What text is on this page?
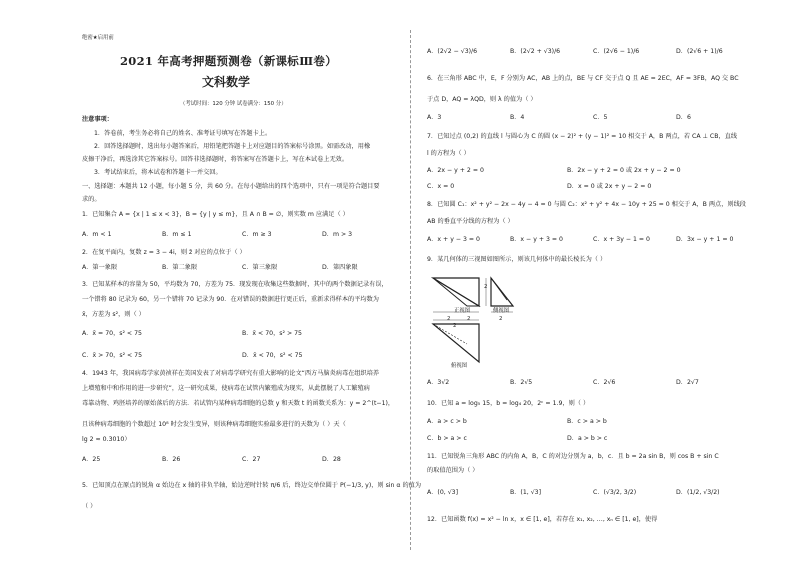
绝密★启用前
2021 年高考押题预测卷（新课标Ⅲ卷）
文科数学
（考试时间：120 分钟 试卷满分：150 分）
注意事项：
1．答卷前，考生务必将自己的姓名、准考证号填写在答题卡上。
2．回答选择题时，选出每小题答案后，用铅笔把答题卡上对应题目的答案标号涂黑。如需改动，用橡
皮擦干净后，再选涂其它答案标号。回答非选择题时，将答案写在答题卡上，写在本试卷上无效。
3．考试结束后，将本试卷和答题卡一并交回。
一、选择题：本题共 12 小题，每小题 5 分，共 60 分。在每小题给出的四个选项中，只有一项是符合题目要
求的。
1．已知集合 A = {x | 1 ≤ x < 3}，B = {y | y ≤ m}，且 A ∩ B = ∅，则实数 m 应满足（ ）
A．m < 1	B．m ≤ 1	C．m ≥ 3	D．m > 3
2．在复平面内，复数 z = 3 − 4i，则 z̄ 对应的点位于（ ）
A．第一象限	B．第二象限	C．第三象限	D．第四象限
3．已知某样本的容量为 50，平均数为 70，方差为 75．现发现在收集这些数据时，其中的两个数据记录有误，
一个错将 80 记录为 60，另一个错将 70 记录为 90．在对错误的数据进行更正后，重新求得样本的平均数为
x̄，方差为 s²，则（ ）
A．x̄ = 70，s² < 75	B．x̄ < 70，s² > 75
C．x̄ > 70，s² < 75	D．x̄ < 70，s² < 75
4．1943 年，我国病毒学家黄祯祥在美国发表了对病毒学研究有重大影响的论文“西方马脑炎病毒在组织培养
上增殖和中和作用的进一步研究”，这一研究成果，使病毒在试管内繁殖成为现实，从此摆脱了人工繁殖病
毒靠动物、鸡胚培养的原始落后的方法．若试管内某种病毒细胞的总数 y 和天数 t 的函数关系为：y = 2^(t−1)，
且该种病毒细胞的个数超过 10⁸ 时会发生变异，则该种病毒细胞实验最多进行的天数为（ ）天（
lg 2 ≈ 0.3010）
A．25	B．26	C．27	D．28
5．已知顶点在原点的锐角 α 始边在 x 轴的非负半轴，始边逆时针转 π/6 后，终边交单位圆于 P(−1/3, y)，则 sin α 的值为
（ ）
A．(2√2 − √3)/6	B．(2√2 + √3)/6	C．(2√6 − 1)/6	D．(2√6 + 1)/6
6．在三角形 ABC 中，E，F 分别为 AC，AB 上的点，BE 与 CF 交于点 Q 且 AE = 2EC，AF = 3FB，AQ 交 BC
于点 D，AQ = λQD，则 λ 的值为（ ）
A．3	B．4	C．5	D．6
7．已知过点 (0,2) 的直线 l 与圆心为 C 的圆 (x − 2)² + (y − 1)² = 10 相交于 A，B 两点，若 CA ⊥ CB，直线
l 的方程为（ ）
A．2x − y + 2 = 0	B．2x − y + 2 = 0 或 2x + y − 2 = 0
C．x = 0	D．x = 0 或 2x + y − 2 = 0
8．已知圆 C₁：x² + y² − 2x − 4y − 4 = 0 与圆 C₂：x² + y² + 4x − 10y + 25 = 0 相交于 A，B 两点，则线段
AB 的垂直平分线的方程为（ ）
A．x + y − 3 = 0	B．x − y + 3 = 0	C．x + 3y − 1 = 0	D．3x − y + 1 = 0
9．某几何体的三视图如图所示，则该几何体中的最长棱长为（ ）
2
正视图	侧视图
2	2	2
2
俯视图
A．3√2	B．2√5	C．2√6	D．2√7
10．已知 a = log₅ 15，b = log₄ 20，2ᶜ = 1.9，则（ ）
A．a > c > b	B．c > a > b
C．b > a > c	D．a > b > c
11．已知锐角三角形 ABC 的内角 A，B，C 的对边分别为 a，b，c．且 b = 2a sin B，则 cos B + sin C
的取值范围为（ ）
A．(0, √3]	B．(1, √3]	C．(√3/2, 3/2)	D．(1/2, √3/2)
12．已知函数 f(x) = x² − ln x，x ∈ [1, e]，若存在 x₁, x₂, …, xₙ ∈ [1, e]，使得
